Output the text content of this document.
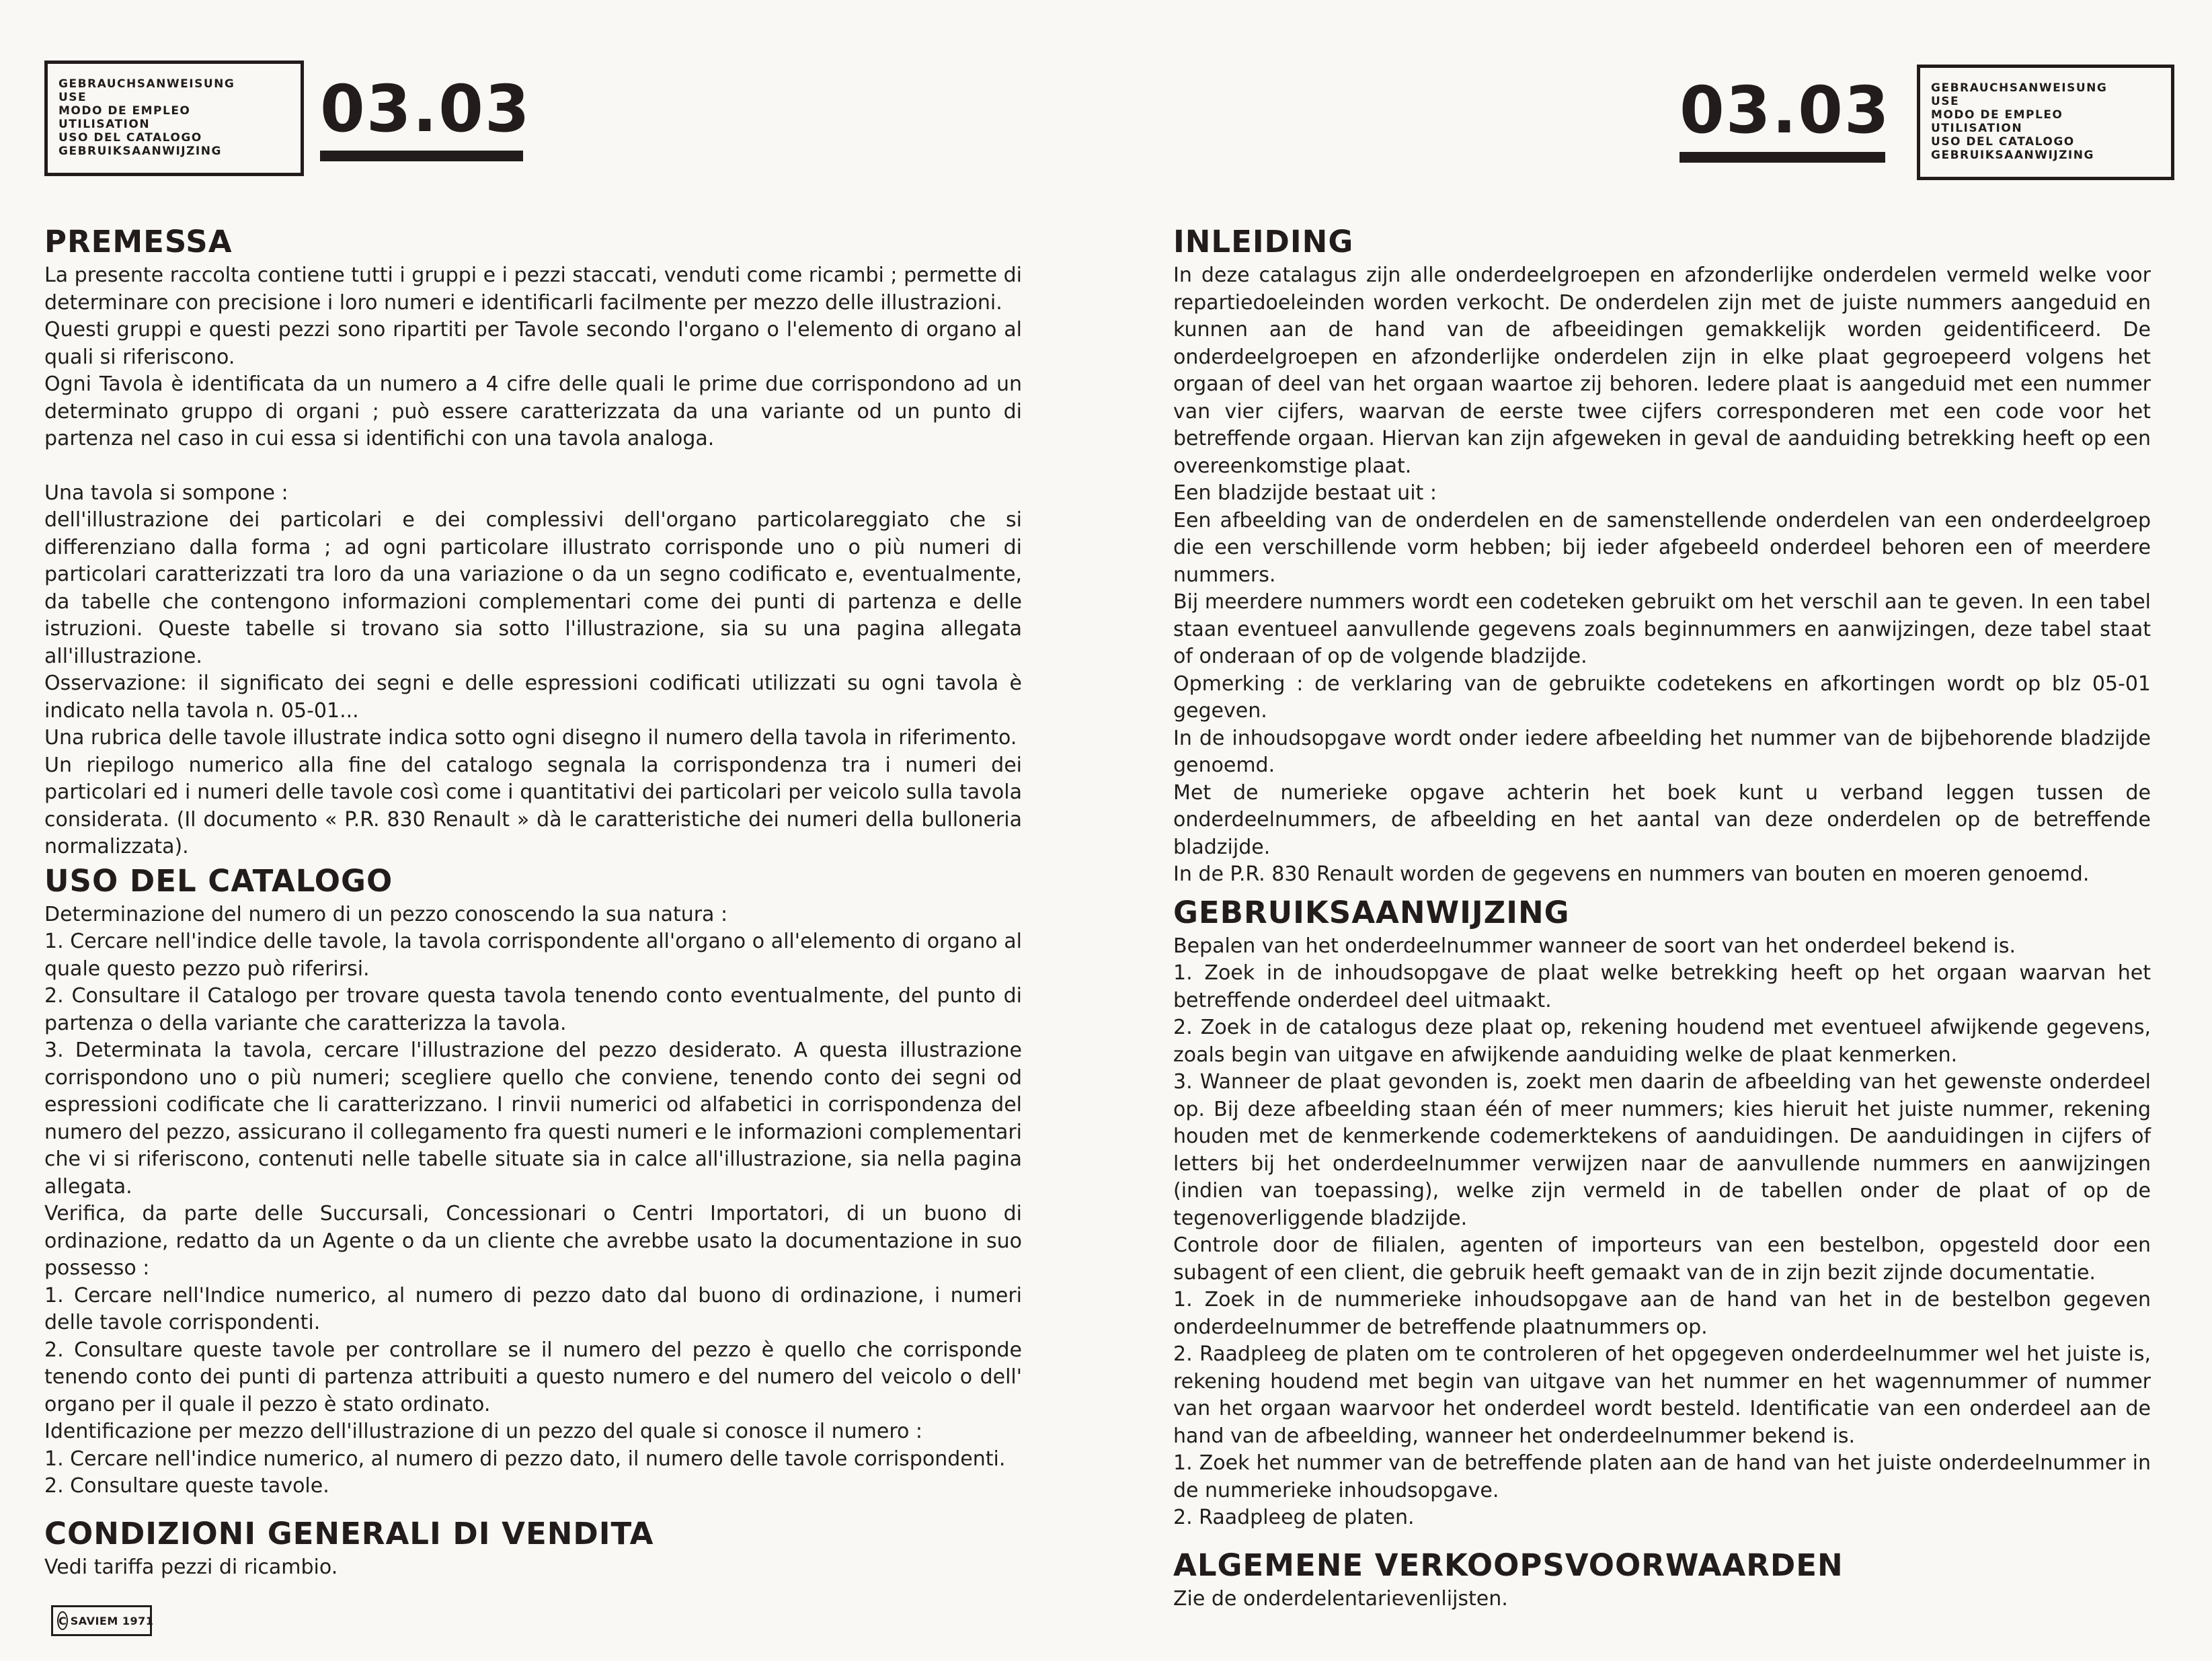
GEBRAUCHSANWEISUNG
USE
MODO DE EMPLEO
UTILISATION
USO DEL CATALOGO
GEBRUIKSAANWIJZING
03.03
PREMESSA

La presente raccolta contiene tutti i gruppi e i pezzi staccati, venduti come ricambi ; permette di determinare con precisione i loro numeri e identificarli facilmente per mezzo delle illustrazioni.

Questi gruppi e questi pezzi sono ripartiti per Tavole secondo l'organo o l'elemento di organo al quali si riferiscono.

Ogni Tavola è identificata da un numero a 4 cifre delle quali le prime due corrispondono ad un determinato gruppo di organi ; può essere caratterizzata da una variante od un punto di partenza nel caso in cui essa si identifichi con una tavola analoga.

Una tavola si sompone :

dell'illustrazione dei particolari e dei complessivi dell'organo particolareggiato che si differenziano dalla forma ; ad ogni particolare illustrato corrisponde uno o più numeri di particolari caratterizzati tra loro da una variazione o da un segno codificato e, eventualmente, da tabelle che contengono informazioni complementari come dei punti di partenza e delle istruzioni. Queste tabelle si trovano sia sotto l'illustrazione, sia su una pagina allegata all'illustrazione.

Osservazione: il significato dei segni e delle espressioni codificati utilizzati su ogni tavola è indicato nella tavola n. 05-01...

Una rubrica delle tavole illustrate indica sotto ogni disegno il numero della tavola in riferimento.

Un riepilogo numerico alla fine del catalogo segnala la corrispondenza tra i numeri dei particolari ed i numeri delle tavole così come i quantitativi dei particolari per veicolo sulla tavola considerata. (Il documento « P.R. 830 Renault » dà le caratteristiche dei numeri della bulloneria normalizzata).

USO DEL CATALOGO

Determinazione del numero di un pezzo conoscendo la sua natura :

1. Cercare nell'indice delle tavole, la tavola corrispondente all'organo o all'elemento di organo al quale questo pezzo può riferirsi.

2. Consultare il Catalogo per trovare questa tavola tenendo conto eventualmente, del punto di partenza o della variante che caratterizza la tavola.

3. Determinata la tavola, cercare l'illustrazione del pezzo desiderato. A questa illustrazione corrispondono uno o più numeri; scegliere quello che conviene, tenendo conto dei segni od espressioni codificate che li caratterizzano. I rinvii numerici od alfabetici in corrispondenza del numero del pezzo, assicurano il collegamento fra questi numeri e le informazioni complementari che vi si riferiscono, contenuti nelle tabelle situate sia in calce all'illustrazione, sia nella pagina allegata.

Verifica, da parte delle Succursali, Concessionari o Centri Importatori, di un buono di ordinazione, redatto da un Agente o da un cliente che avrebbe usato la documentazione in suo possesso :

1. Cercare nell'Indice numerico, al numero di pezzo dato dal buono di ordinazione, i numeri delle tavole corrispondenti.

2. Consultare queste tavole per controllare se il numero del pezzo è quello che corrisponde tenendo conto dei punti di partenza attribuiti a questo numero e del numero del veicolo o dell' organo per il quale il pezzo è stato ordinato.

Identificazione per mezzo dell'illustrazione di un pezzo del quale si conosce il numero :

1. Cercare nell'indice numerico, al numero di pezzo dato, il numero delle tavole corrispondenti.

2. Consultare queste tavole.

CONDIZIONI GENERALI DI VENDITA

Vedi tariffa pezzi di ricambio.

C SAVIEM 1971
03.03	GEBRAUCHSANWEISUNG
USE
MODO DE EMPLEO
UTILISATION
USO DEL CATALOGO
GEBRUIKSAANWIJZING
INLEIDING

In deze catalagus zijn alle onderdeelgroepen en afzonderlijke onderdelen vermeld welke voor repartiedoeleinden worden verkocht. De onderdelen zijn met de juiste nummers aangeduid en kunnen aan de hand van de afbeeidingen gemakkelijk worden geidentificeerd. De onderdeelgroepen en afzonderlijke onderdelen zijn in elke plaat gegroepeerd volgens het orgaan of deel van het orgaan waartoe zij behoren. Iedere plaat is aangeduid met een nummer van vier cijfers, waarvan de eerste twee cijfers corresponderen met een code voor het betreffende orgaan. Hiervan kan zijn afgeweken in geval de aanduiding betrekking heeft op een overeenkomstige plaat.

Een bladzijde bestaat uit :

Een afbeelding van de onderdelen en de samenstellende onderdelen van een onderdeelgroep die een verschillende vorm hebben; bij ieder afgebeeld onderdeel behoren een of meerdere nummers.

Bij meerdere nummers wordt een codeteken gebruikt om het verschil aan te geven. In een tabel staan eventueel aanvullende gegevens zoals beginnummers en aanwijzingen, deze tabel staat of onderaan of op de volgende bladzijde.

Opmerking : de verklaring van de gebruikte codetekens en afkortingen wordt op blz 05-01 gegeven.

In de inhoudsopgave wordt onder iedere afbeelding het nummer van de bijbehorende bladzijde genoemd.

Met de numerieke opgave achterin het boek kunt u verband leggen tussen de onderdeelnummers, de afbeelding en het aantal van deze onderdelen op de betreffende bladzijde.

In de P.R. 830 Renault worden de gegevens en nummers van bouten en moeren genoemd.

GEBRUIKSAANWIJZING

Bepalen van het onderdeelnummer wanneer de soort van het onderdeel bekend is.

1. Zoek in de inhoudsopgave de plaat welke betrekking heeft op het orgaan waarvan het betreffende onderdeel deel uitmaakt.

2. Zoek in de catalogus deze plaat op, rekening houdend met eventueel afwijkende gegevens, zoals begin van uitgave en afwijkende aanduiding welke de plaat kenmerken.

3. Wanneer de plaat gevonden is, zoekt men daarin de afbeelding van het gewenste onderdeel op. Bij deze afbeelding staan één of meer nummers; kies hieruit het juiste nummer, rekening houden met de kenmerkende codemerktekens of aanduidingen. De aanduidingen in cijfers of letters bij het onderdeelnummer verwijzen naar de aanvullende nummers en aanwijzingen (indien van toepassing), welke zijn vermeld in de tabellen onder de plaat of op de tegenoverliggende bladzijde.

Controle door de filialen, agenten of importeurs van een bestelbon, opgesteld door een subagent of een client, die gebruik heeft gemaakt van de in zijn bezit zijnde documentatie.

1. Zoek in de nummerieke inhoudsopgave aan de hand van het in de bestelbon gegeven onderdeelnummer de betreffende plaatnummers op.

2. Raadpleeg de platen om te controleren of het opgegeven onderdeelnummer wel het juiste is, rekening houdend met begin van uitgave van het nummer en het wagennummer of nummer van het orgaan waarvoor het onderdeel wordt besteld. Identificatie van een onderdeel aan de hand van de afbeelding, wanneer het onderdeelnummer bekend is.

1. Zoek het nummer van de betreffende platen aan de hand van het juiste onderdeelnummer in de nummerieke inhoudsopgave.

2. Raadpleeg de platen.

ALGEMENE VERKOOPSVOORWAARDEN

Zie de onderdelentarievenlijsten.
